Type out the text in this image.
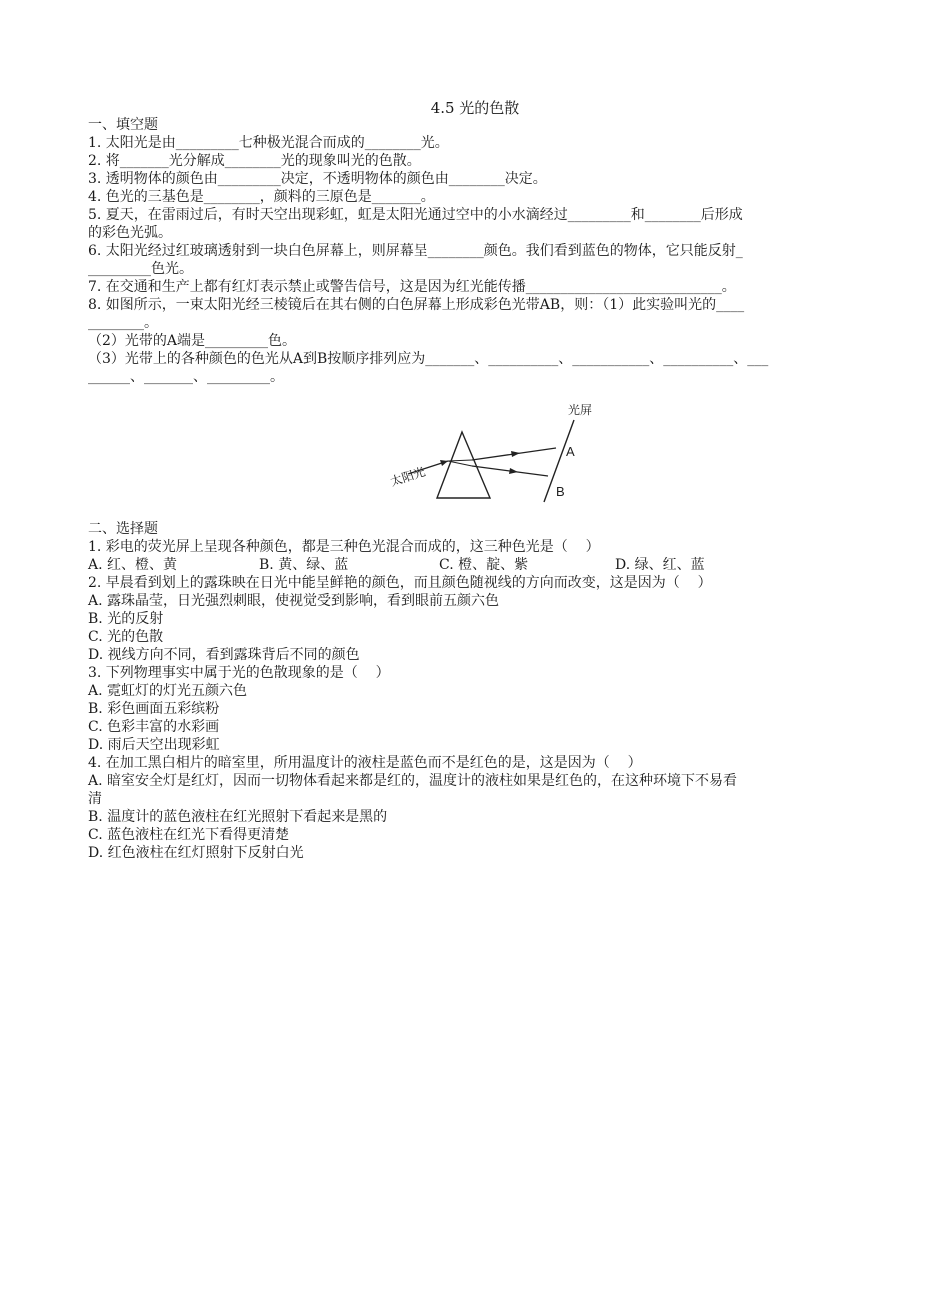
4.5 光的色散
一、填空题
1. 太阳光是由_________七种极光混合而成的________光。
2. 将_______光分解成________光的现象叫光的色散。
3. 透明物体的颜色由_________决定，不透明物体的颜色由________决定。
4. 色光的三基色是________，颜料的三原色是_______。
5. 夏天，在雷雨过后，有时天空出现彩虹，虹是太阳光通过空中的小水滴经过_________和________后形成
的彩色光弧。
6. 太阳光经过红玻璃透射到一块白色屏幕上，则屏幕呈________颜色。我们看到蓝色的物体，它只能反射_
_________色光。
7. 在交通和生产上都有红灯表示禁止或警告信号，这是因为红光能传播____________________________。
8. 如图所示，一束太阳光经三棱镜后在其右侧的白色屏幕上形成彩色光带AB，则：（1）此实验叫光的____
________。
（2）光带的A端是_________色。
（3）光带上的各种颜色的色光从A到B按顺序排列应为_______、__________、___________、__________、___
______、_______、_________。
光屏
太阳光
A
B
二、选择题
1. 彩电的荧光屏上呈现各种颜色，都是三种色光混合而成的，这三种色光是（    ）
A. 红、橙、黄	B. 黄、绿、蓝	C. 橙、靛、紫	D. 绿、红、蓝
2. 早晨看到划上的露珠映在日光中能呈鲜艳的颜色，而且颜色随视线的方向而改变，这是因为（    ）
A. 露珠晶莹，日光强烈刺眼，使视觉受到影响，看到眼前五颜六色
B. 光的反射
C. 光的色散
D. 视线方向不同，看到露珠背后不同的颜色
3. 下列物理事实中属于光的色散现象的是（    ）
A. 霓虹灯的灯光五颜六色
B. 彩色画面五彩缤粉
C. 色彩丰富的水彩画
D. 雨后天空出现彩虹
4. 在加工黑白相片的暗室里，所用温度计的液柱是蓝色而不是红色的是，这是因为（    ）
A. 暗室安全灯是红灯，因而一切物体看起来都是红的，温度计的液柱如果是红色的，在这种环境下不易看
清
B. 温度计的蓝色液柱在红光照射下看起来是黑的
C. 蓝色液柱在红光下看得更清楚
D. 红色液柱在红灯照射下反射白光
